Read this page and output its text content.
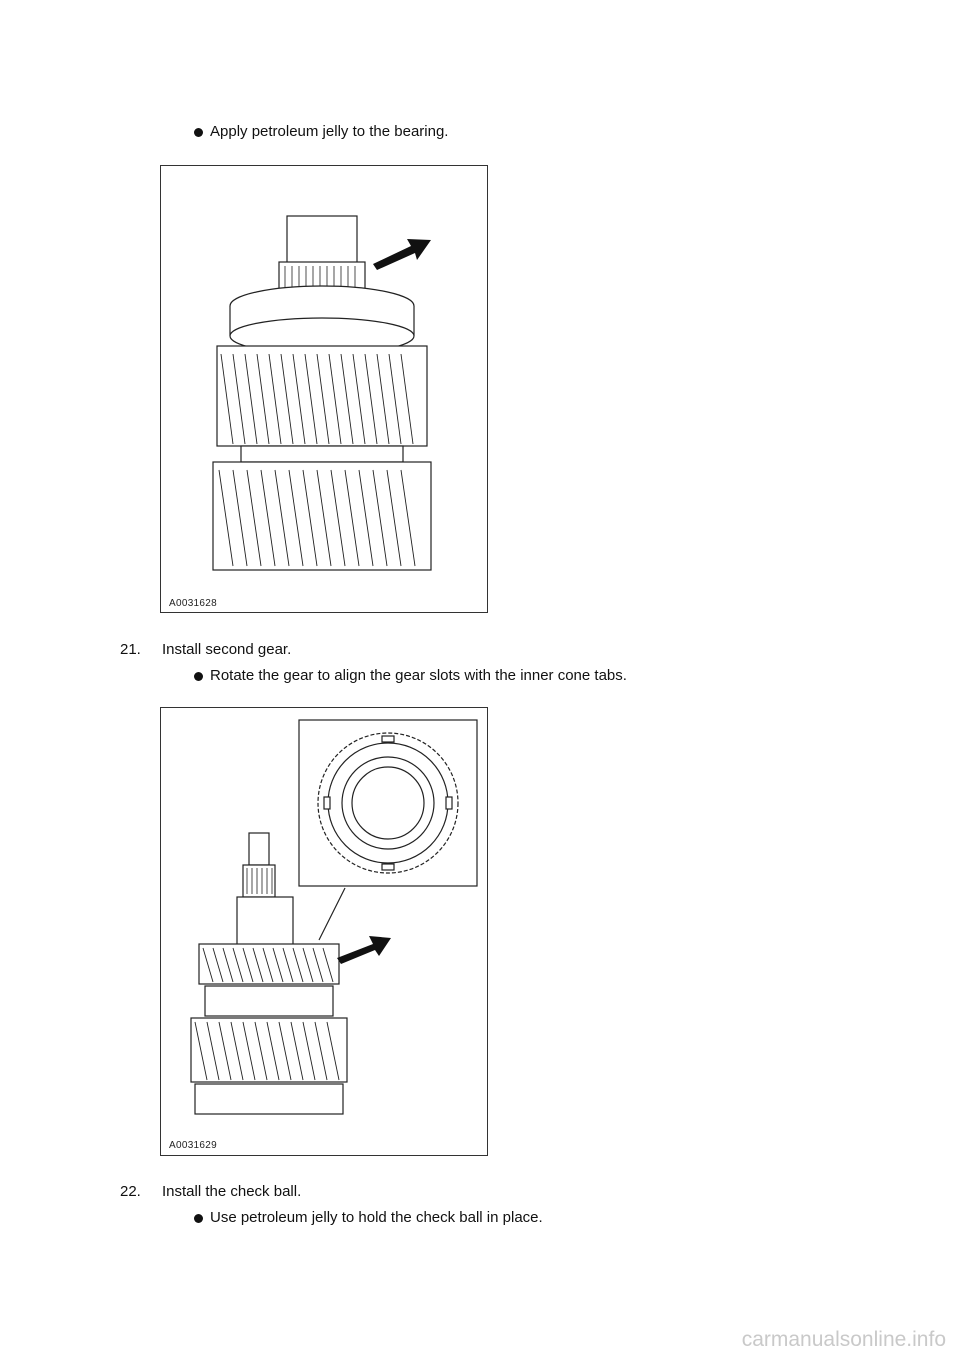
Apply petroleum jelly to the bearing.
A0031628
21. Install second gear.
Rotate the gear to align the gear slots with the inner cone tabs.
A0031629
22. Install the check ball.
Use petroleum jelly to hold the check ball in place.
carmanualsonline.info
